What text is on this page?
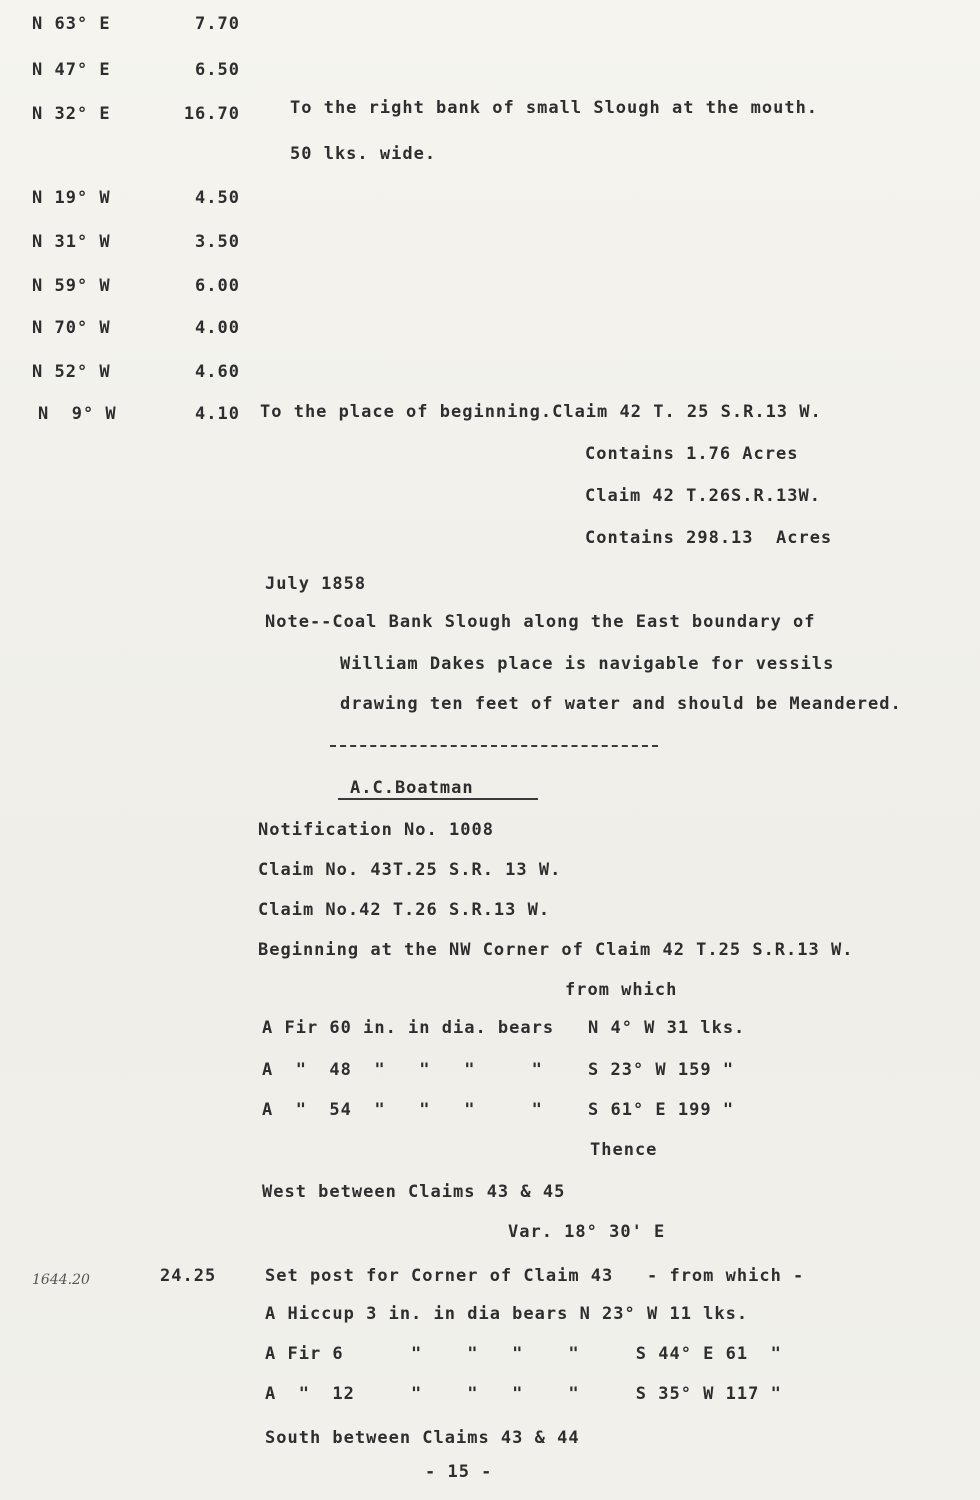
N 63° E	7.70
N 47° E	6.50
N 32° E	16.70	To the right bank of small Slough at the mouth.
50 lks. wide.
N 19° W	4.50
N 31° W	3.50
N 59° W	6.00
N 70° W	4.00
N 52° W	4.60
N  9° W	4.10 To the place of beginning.Claim 42 T. 25 S.R.13 W.
Contains 1.76 Acres
Claim 42 T.26S.R.13W.
Contains 298.13  Acres
July 1858
Note--Coal Bank Slough along the East boundary of
William Dakes place is navigable for vessils
drawing ten feet of water and should be Meandered.
A.C.Boatman
Notification No. 1008
Claim No. 43T.25 S.R. 13 W.
Claim No.42 T.26 S.R.13 W.
Beginning at the NW Corner of Claim 42 T.25 S.R.13 W.
from which
A Fir 60 in. in dia. bears N 4° W 31 lks.
A  "  48  "   "   "     "	S 23° W 159 "
A  "  54  "   "   "     "	S 61° E 199 "
Thence
West between Claims 43 & 45
Var. 18° 30' E
1644.20	24.25	Set post for Corner of Claim 43   - from which -
A Hiccup 3 in. in dia bears N 23° W 11 lks.
A Fir 6      "    "   "    "     S 44° E 61  "
A  "  12     "    "   "    "     S 35° W 117 "
South between Claims 43 & 44
- 15 -
